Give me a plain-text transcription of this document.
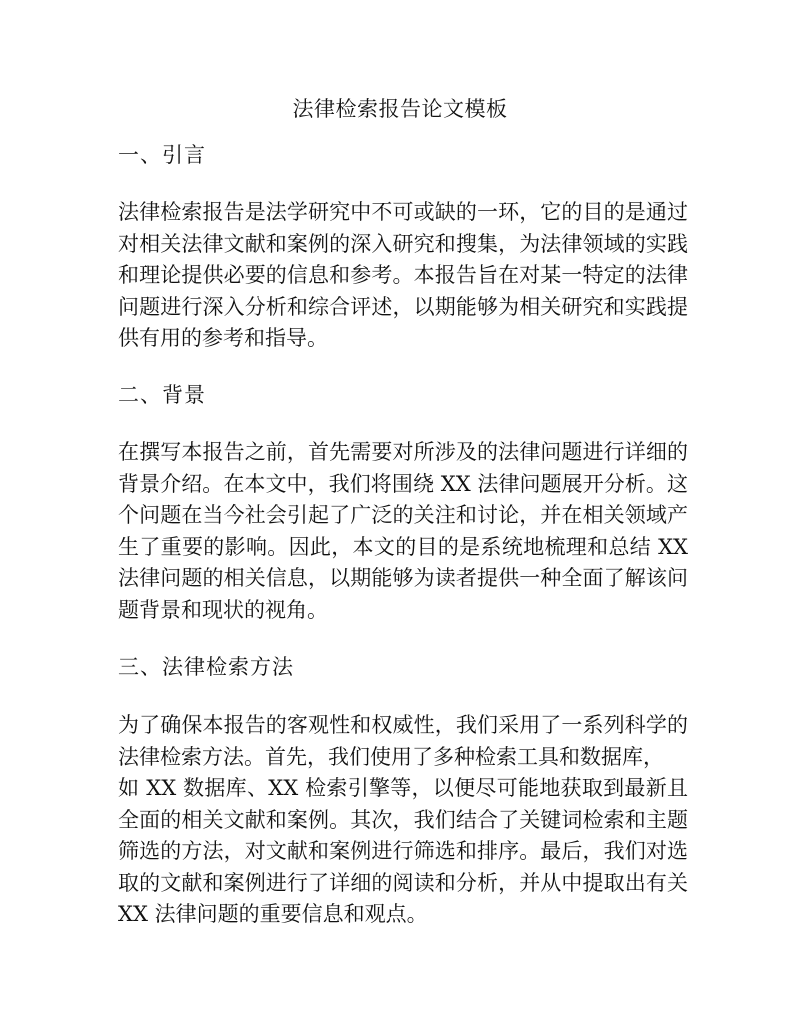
法律检索报告论文模板
一、引言
法律检索报告是法学研究中不可或缺的一环，它的目的是通过
对相关法律文献和案例的深入研究和搜集，为法律领域的实践
和理论提供必要的信息和参考。本报告旨在对某一特定的法律
问题进行深入分析和综合评述，以期能够为相关研究和实践提
供有用的参考和指导。
二、背景
在撰写本报告之前，首先需要对所涉及的法律问题进行详细的
背景介绍。在本文中，我们将围绕 XX 法律问题展开分析。这
个问题在当今社会引起了广泛的关注和讨论，并在相关领域产
生了重要的影响。因此，本文的目的是系统地梳理和总结 XX
法律问题的相关信息，以期能够为读者提供一种全面了解该问
题背景和现状的视角。
三、法律检索方法
为了确保本报告的客观性和权威性，我们采用了一系列科学的
法律检索方法。首先，我们使用了多种检索工具和数据库，
如 XX 数据库、XX 检索引擎等，以便尽可能地获取到最新且
全面的相关文献和案例。其次，我们结合了关键词检索和主题
筛选的方法，对文献和案例进行筛选和排序。最后，我们对选
取的文献和案例进行了详细的阅读和分析，并从中提取出有关
XX 法律问题的重要信息和观点。
